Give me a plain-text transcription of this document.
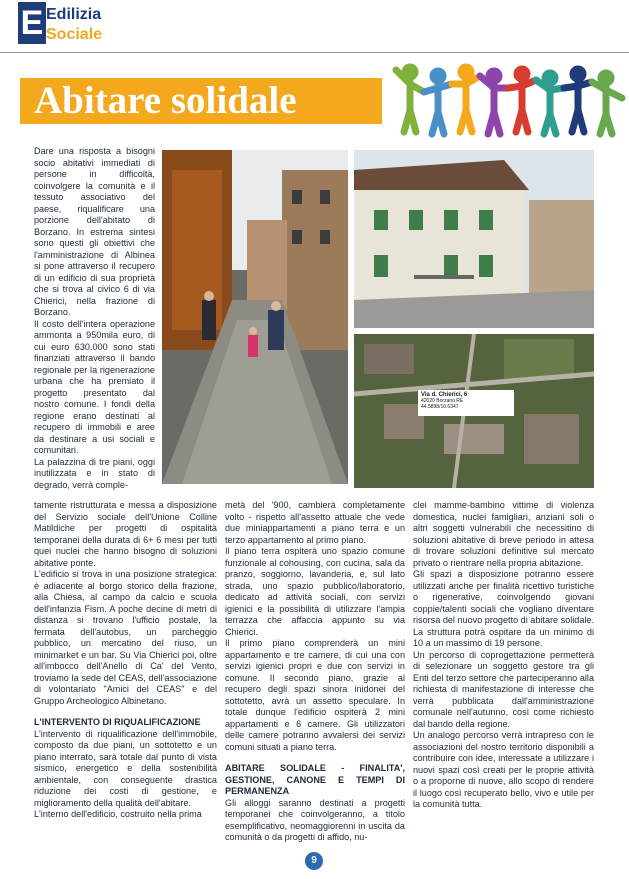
E Edilizia
Sociale
Abitare solidale
Via d. Chierici, 6
42020 Borzano RE
44.5898/10.6347

Dare una risposta a bisogni socio abitativi immediati di persone in difficoltà, coinvolgere la comunità e il tessuto associativo del paese, riqualificare una porzione dell'abitato di Borzano. In estrema sintesi sono questi gli obiettivi che l'amministrazione di Albinea si pone attraverso il recupero di un edificio di sua proprietà che si trova al civico 6 di via Chierici, nella frazione di Borzano.

Il costo dell'intera operazione ammonta a 950mila euro, di cui euro 630.000 sono stati finanziati attraverso il bando regionale per la rigenerazione urbana che ha premiato il progetto presentato dal nostro comune. I fondi della regione erano destinati al recupero di immobili e aree da destinare a usi sociali e comunitari.

La palazzina di tre piani, oggi inutilizzata e in stato di degrado, verrà comple-

tamente ristrutturata e messa a disposizione del Servizio sociale dell'Unione Colline Matildiche per progetti di ospitalità temporanei della durata di 6+ 6 mesi per tutti quei nuclei che hanno bisogno di soluzioni abitative ponte.

L'edificio si trova in una posizione strategica: è adiacente al borgo storico della frazione, alla Chiesa, al campo da calcio e scuola dell'infanzia Fism. A poche decine di metri di distanza si trovano l'ufficio postale, la fermata dell'autobus, un parcheggio pubblico, un mercatino del riuso, un minimarket e un bar. Su Via Chierici poi, oltre all'imbocco dell'Anello di Ca' del Vento, troviamo la sede del CEAS, dell'associazione di volontariato "Amici del CEAS" e del Gruppo Archeologico Albinetano.

L'INTERVENTO DI RIQUALIFICAZIONE

L'intervento di riqualificazione dell'immobile, composto da due piani, un sottotetto e un piano interrato, sarà totale dal punto di vista sismico, energetico e della sostenibilità ambientale, con conseguente drastica riduzione dei costi di gestione, e miglioramento della qualità dell'abitare.

L'interno dell'edificio, costruito nella prima

metà del '900, cambierà completamente volto - rispetto all'assetto attuale che vede due miniappartamenti a piano terra e un terzo appartamento al primo piano.

Il piano terra ospiterà uno spazio comune funzionale al cohousing, con cucina, sala da pranzo, soggiorno, lavanderia, e, sul lato strada, uno spazio pubblico/laboratorio, dedicato ad attività sociali, con servizi igienici e la possibilità di utilizzare l'ampia terrazza che affaccia appunto su via Chierici.

Il primo piano comprenderà un mini appartamento e tre camere, di cui una con servizi igienici propri e due con servizi in comune. Il secondo piano, grazie al recupero degli spazi sinora inidonei del sottotetto, avrà un assetto speculare. In totale dunque l'edificio ospiterà 2 mini appartamenti e 6 camere. Gli utilizzatori delle camere potranno avvalersi dei servizi comuni situati a piano terra.

ABITARE SOLIDALE - FINALITA', GESTIONE, CANONE E TEMPI DI PERMANENZA

Gli alloggi saranno destinati a progetti temporanei che coinvolgeranno, a titolo esemplificativo, neomaggiorenni in uscita da comunità o da progetti di affido, nu-

clei mamme-bambino vittime di violenza domestica, nuclei famigliari, anziani soli o altri soggetti vulnerabili che necessitino di soluzioni abitative di breve periodo in attesa di trovare soluzioni definitive sul mercato privato o rientrare nella propria abitazione.

Gli spazi a disposizione potranno essere utilizzati anche per finalità ricettivo turistiche o rigenerative, coinvolgendo giovani coppie/talenti sociali che vogliano diventare risorsa del nuovo progetto di abitare solidale. La struttura potrà ospitare da un minimo di 10 a un massimo di 19 persone.

Un percorso di coprogettazione permetterà di selezionare un soggetto gestore tra gli Enti del terzo settore che parteciperanno alla richiesta di manifestazione di interesse che verrà pubblicata dall'amministrazione comunale nell'autunno, così come richiesto dal bando della regione.

Un analogo percorso verrà intrapreso con le associazioni del nostro territorio disponibili a contribuire con idee, interessate a utilizzare i nuovi spazi così creati per le proprie attività o a proporne di nuove, allo scopo di rendere il luogo così recuperato bello, vivo e utile per la comunità tutta.

9
